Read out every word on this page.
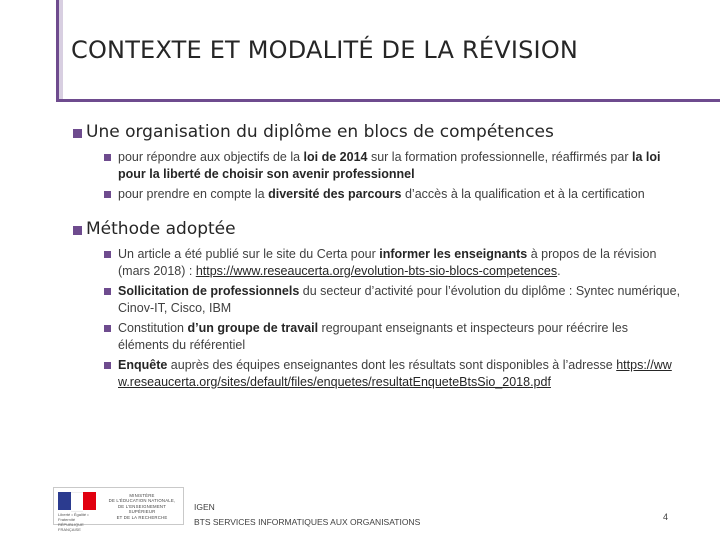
CONTEXTE ET MODALITÉ DE LA RÉVISION
Une organisation du diplôme en blocs de compétences
pour répondre aux objectifs de la loi de 2014 sur la formation professionnelle, réaffirmés par la loi pour la liberté de choisir son avenir professionnel
pour prendre en compte la diversité des parcours d’accès à la qualification et à la certification
Méthode adoptée
Un article a été publié sur le site du Certa pour informer les enseignants à propos de la révision (mars 2018) : https://www.reseaucerta.org/evolution-bts-sio-blocs-competences.
Sollicitation de professionnels du secteur d’activité pour l’évolution du diplôme : Syntec numérique, Cinov-IT, Cisco, IBM
Constitution d’un groupe de travail regroupant enseignants et inspecteurs pour réécrire les éléments du référentiel
Enquête auprès des équipes enseignantes dont les résultats sont disponibles à l’adresse https://www.reseaucerta.org/sites/default/files/enquetes/resultatEnqueteBtsSio_2018.pdf
Liberté • Égalité • Fraternité
RÉPUBLIQUE FRANÇAISE
MINISTÈRE
DE L’ÉDUCATION NATIONALE,
DE L’ENSEIGNEMENT SUPÉRIEUR
ET DE LA RECHERCHE
IGEN
BTS SERVICES INFORMATIQUES AUX ORGANISATIONS	4
